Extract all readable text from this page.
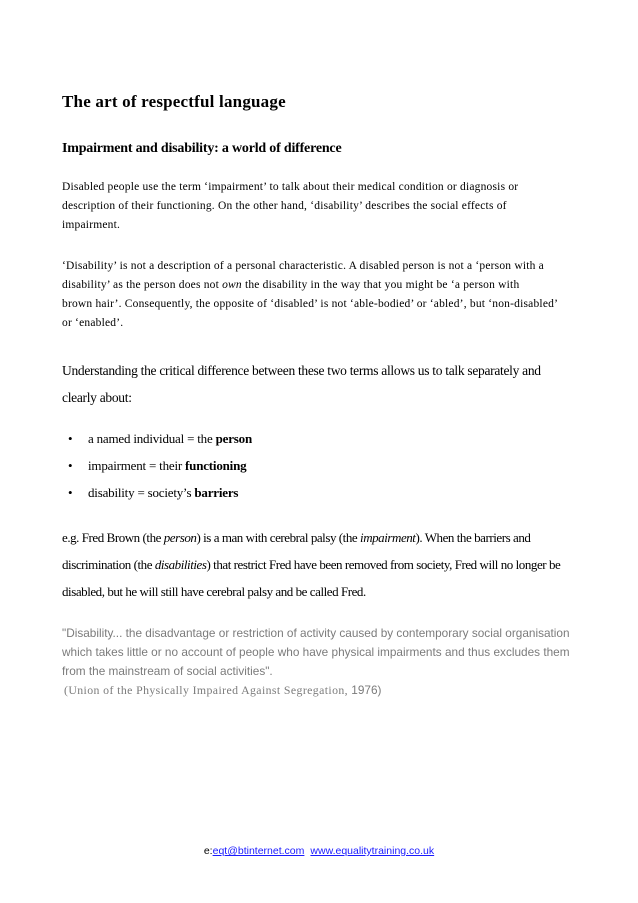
The art of respectful language
Impairment and disability: a world of difference
Disabled people use the term ‘impairment’ to talk about their medical condition or diagnosis or
description of their functioning. On the other hand, ‘disability’ describes the social effects of
impairment.
‘Disability’ is not a description of a personal characteristic. A disabled person is not a ‘person with a
disability’ as the person does not own the disability in the way that you might be ‘a person with
brown hair’. Consequently, the opposite of ‘disabled’ is not ‘able-bodied’ or ‘abled’, but ‘non-disabled’
or ‘enabled’.
Understanding the critical difference between these two terms allows us to talk separately and
clearly about:
• a named individual = the person
• impairment = their functioning
• disability = society’s barriers
e.g. Fred Brown (the person) is a man with cerebral palsy (the impairment). When the barriers and
discrimination (the disabilities) that restrict Fred have been removed from society, Fred will no longer be
disabled, but he will still have cerebral palsy and be called Fred.
"Disability... the disadvantage or restriction of activity caused by contemporary social organisation
which takes little or no account of people who have physical impairments and thus excludes them
from the mainstream of social activities".
(Union of the Physically Impaired Against Segregation, 1976)
e:eqt@btinternet.com www.equalitytraining.co.uk
